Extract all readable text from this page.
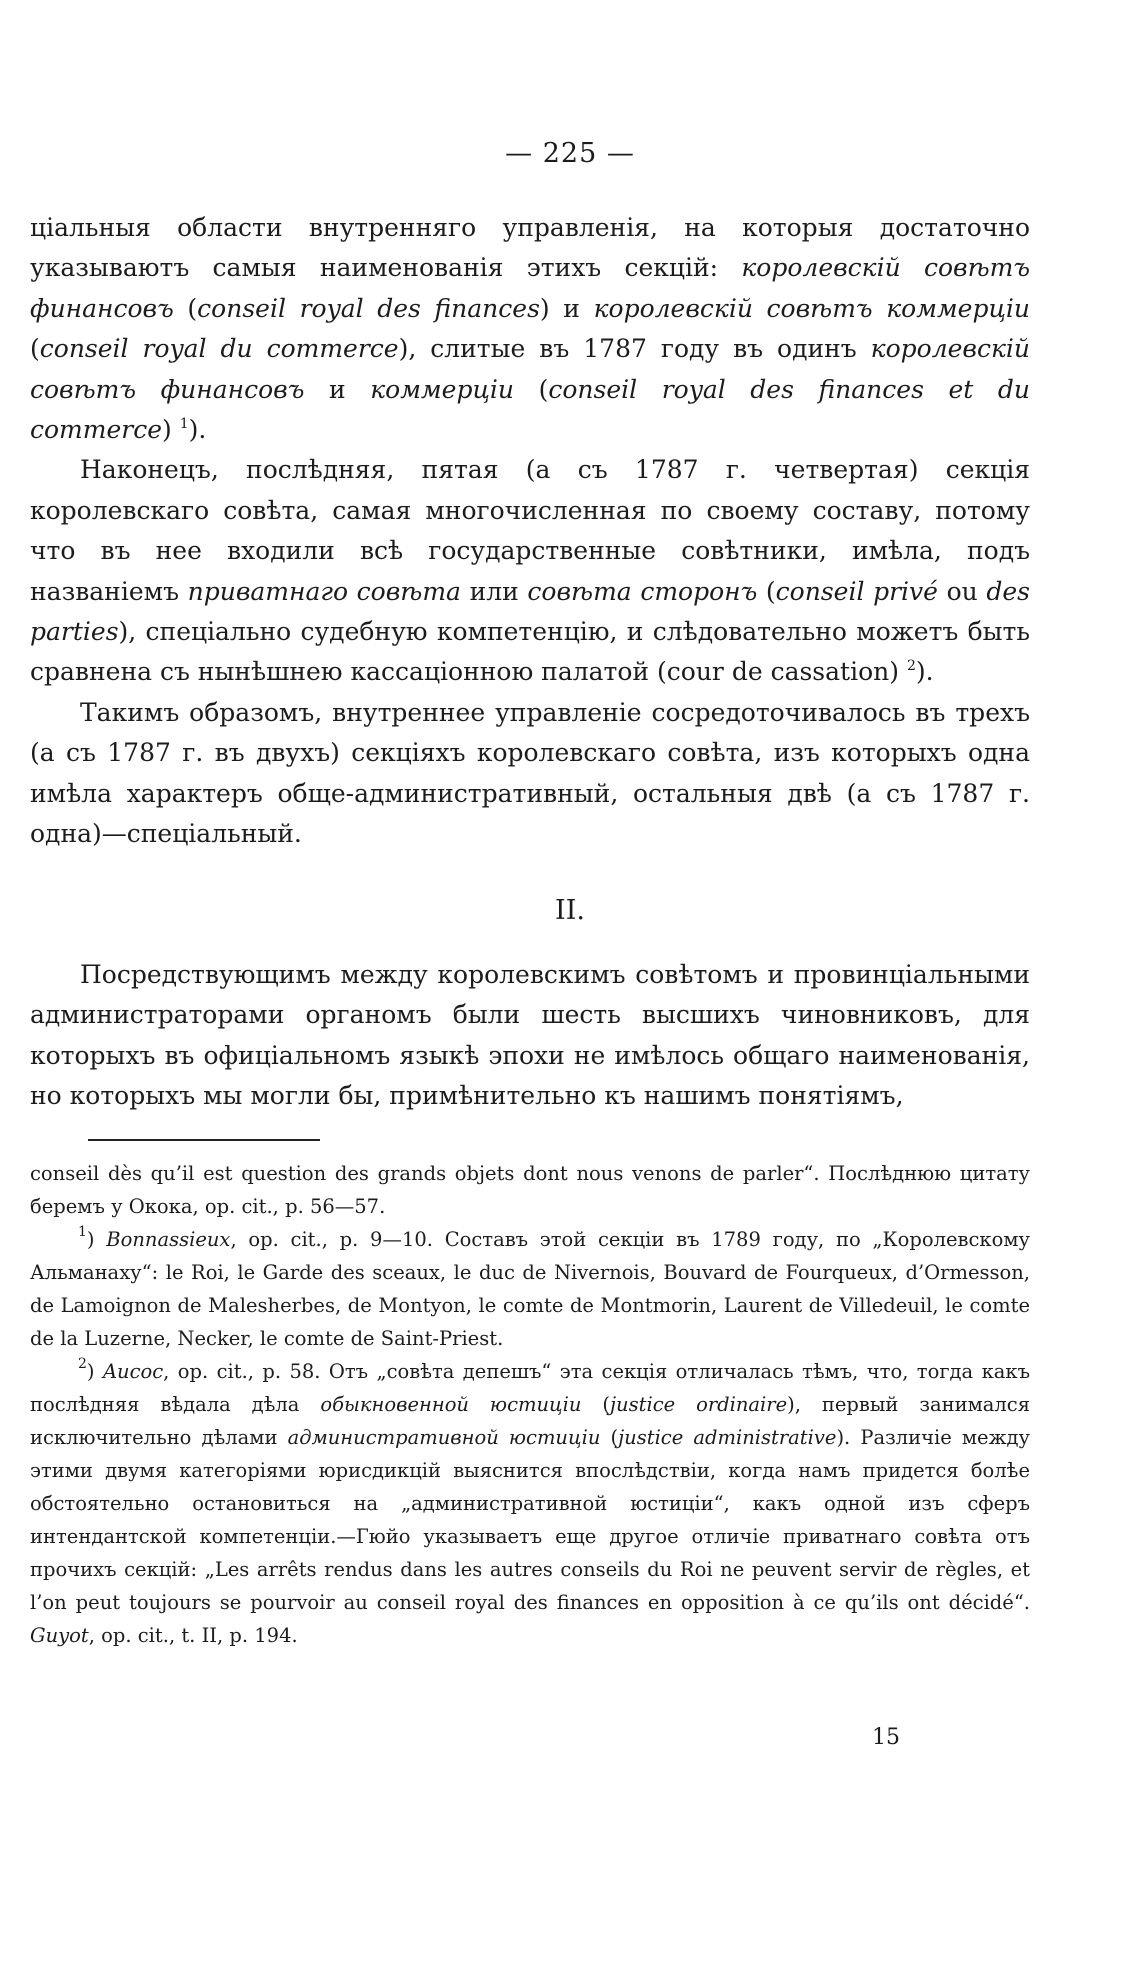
— 225 —

ціальныя области внутренняго управленія, на которыя достаточно указываютъ самыя наименованія этихъ секцій: королевскій совѣтъ финансовъ (conseil royal des finances) и королевскій совѣтъ коммерціи (conseil royal du commerce), слитые въ 1787 году въ одинъ королевскій совѣтъ финансовъ и коммерціи (conseil royal des finances et du commerce) $^1$).

Наконецъ, послѣдняя, пятая (а съ 1787 г. четвертая) секція королевскаго совѣта, самая многочисленная по своему составу, потому что въ нее входили всѣ государственные совѣтники, имѣла, подъ названіемъ приватнаго совѣта или совѣта сторонъ (conseil privé ou des parties), спеціально судебную компетенцію, и слѣдовательно можетъ быть сравнена съ нынѣшнею кассаціонною палатой (cour de cassation) $^2$).

Такимъ образомъ, внутреннее управленіе сосредоточивалось въ трехъ (а съ 1787 г. въ двухъ) секціяхъ королевскаго совѣта, изъ которыхъ одна имѣла характеръ обще-административный, остальныя двѣ (а съ 1787 г. одна)—спеціальный.

II.

Посредствующимъ между королевскимъ совѣтомъ и провинціальными администраторами органомъ были шесть высшихъ чиновниковъ, для которыхъ въ офиціальномъ языкѣ эпохи не имѣлось общаго наименованія, но которыхъ мы могли бы, примѣнительно къ нашимъ понятіямъ,

conseil dès qu’il est question des grands objets dont nous venons de parler“. Послѣднюю цитату беремъ у Окока, op. cit., p. 56—57.

$^1$) Bonnassieux, op. cit., p. 9—10. Составъ этой секціи въ 1789 году, по „Королевскому Альманаху“: le Roi, le Garde des sceaux, le duc de Nivernois, Bouvard de Fourqueux, d’Ormesson, de Lamoignon de Malesherbes, de Montyon, le comte de Montmorin, Laurent de Villedeuil, le comte de la Luzerne, Necker, le comte de Saint-Priest.

$^2$) Aucoc, op. cit., p. 58. Отъ „совѣта депешъ“ эта секція отличалась тѣмъ, что, тогда какъ послѣдняя вѣдала дѣла обыкновенной юстиціи (justice ordinaire), первый занимался исключительно дѣлами административной юстиціи (justice administrative). Различіе между этими двумя категоріями юрисдикцій выяснится впослѣдствіи, когда намъ придется болѣе обстоятельно остановиться на „административной юстиціи“, какъ одной изъ сферъ интендантской компетенціи.—Гюйо указываетъ еще другое отличіе приватнаго совѣта отъ прочихъ секцій: „Les arrêts rendus dans les autres conseils du Roi ne peuvent servir de règles, et l’on peut toujours se pourvoir au conseil royal des finances en opposition à ce qu’ils ont décidé“. Guyot, op. cit., t. II, p. 194.

15
